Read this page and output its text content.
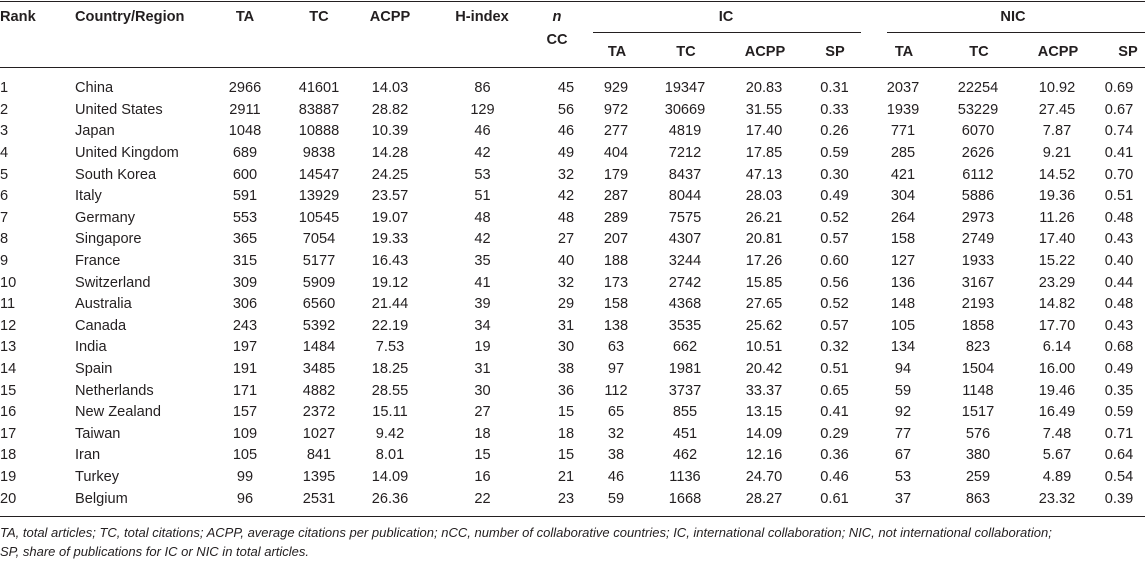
Rank	Country/Region	TA	TC	ACPP	H-index	n
CC
IC	NIC
TA	TC	ACPP	SP	TA	TC	ACPP	SP
1	China	2966	41601	14.03	86	45	929	19347	20.83	0.31	2037	22254	10.92	0.69
2	United States	2911	83887	28.82	129	56	972	30669	31.55	0.33	1939	53229	27.45	0.67
3	Japan	1048	10888	10.39	46	46	277	4819	17.40	0.26	771	6070	7.87	0.74
4	United Kingdom	689	9838	14.28	42	49	404	7212	17.85	0.59	285	2626	9.21	0.41
5	South Korea	600	14547	24.25	53	32	179	8437	47.13	0.30	421	6112	14.52	0.70
6	Italy	591	13929	23.57	51	42	287	8044	28.03	0.49	304	5886	19.36	0.51
7	Germany	553	10545	19.07	48	48	289	7575	26.21	0.52	264	2973	11.26	0.48
8	Singapore	365	7054	19.33	42	27	207	4307	20.81	0.57	158	2749	17.40	0.43
9	France	315	5177	16.43	35	40	188	3244	17.26	0.60	127	1933	15.22	0.40
10	Switzerland	309	5909	19.12	41	32	173	2742	15.85	0.56	136	3167	23.29	0.44
11	Australia	306	6560	21.44	39	29	158	4368	27.65	0.52	148	2193	14.82	0.48
12	Canada	243	5392	22.19	34	31	138	3535	25.62	0.57	105	1858	17.70	0.43
13	India	197	1484	7.53	19	30	63	662	10.51	0.32	134	823	6.14	0.68
14	Spain	191	3485	18.25	31	38	97	1981	20.42	0.51	94	1504	16.00	0.49
15	Netherlands	171	4882	28.55	30	36	112	3737	33.37	0.65	59	1148	19.46	0.35
16	New Zealand	157	2372	15.11	27	15	65	855	13.15	0.41	92	1517	16.49	0.59
17	Taiwan	109	1027	9.42	18	18	32	451	14.09	0.29	77	576	7.48	0.71
18	Iran	105	841	8.01	15	15	38	462	12.16	0.36	67	380	5.67	0.64
19	Turkey	99	1395	14.09	16	21	46	1136	24.70	0.46	53	259	4.89	0.54
20	Belgium	96	2531	26.36	22	23	59	1668	28.27	0.61	37	863	23.32	0.39
TA, total articles; TC, total citations; ACPP, average citations per publication; nCC, number of collaborative countries; IC, international collaboration; NIC, not international collaboration;
SP, share of publications for IC or NIC in total articles.
